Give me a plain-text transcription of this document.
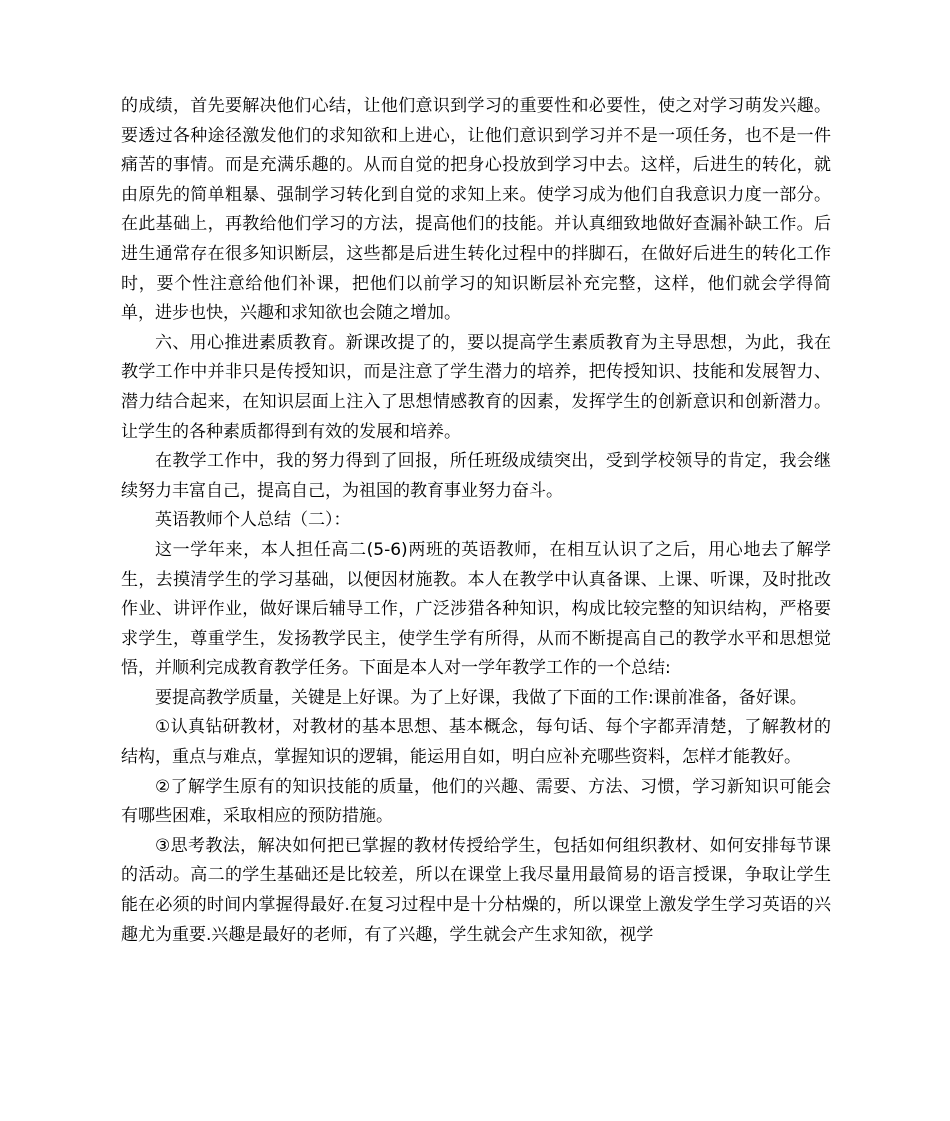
的成绩，首先要解决他们心结，让他们意识到学习的重要性和必要性，使之对学习萌发兴趣。要透过各种途径激发他们的求知欲和上进心，让他们意识到学习并不是一项任务，也不是一件痛苦的事情。而是充满乐趣的。从而自觉的把身心投放到学习中去。这样，后进生的转化，就由原先的简单粗暴、强制学习转化到自觉的求知上来。使学习成为他们自我意识力度一部分。在此基础上，再教给他们学习的方法，提高他们的技能。并认真细致地做好查漏补缺工作。后进生通常存在很多知识断层，这些都是后进生转化过程中的拌脚石，在做好后进生的转化工作时，要个性注意给他们补课，把他们以前学习的知识断层补充完整，这样，他们就会学得简单，进步也快，兴趣和求知欲也会随之增加。

六、用心推进素质教育。新课改提了的，要以提高学生素质教育为主导思想，为此，我在教学工作中并非只是传授知识，而是注意了学生潜力的培养，把传授知识、技能和发展智力、潜力结合起来，在知识层面上注入了思想情感教育的因素，发挥学生的创新意识和创新潜力。让学生的各种素质都得到有效的发展和培养。

在教学工作中，我的努力得到了回报，所任班级成绩突出，受到学校领导的肯定，我会继续努力丰富自己，提高自己，为祖国的教育事业努力奋斗。

英语教师个人总结（二）：

这一学年来，本人担任高二(5-6)两班的英语教师，在相互认识了之后，用心地去了解学生，去摸清学生的学习基础，以便因材施教。本人在教学中认真备课、上课、听课，及时批改作业、讲评作业，做好课后辅导工作，广泛涉猎各种知识，构成比较完整的知识结构，严格要求学生，尊重学生，发扬教学民主，使学生学有所得，从而不断提高自己的教学水平和思想觉悟，并顺利完成教育教学任务。下面是本人对一学年教学工作的一个总结:

要提高教学质量，关键是上好课。为了上好课，我做了下面的工作:课前准备，备好课。

①认真钻研教材，对教材的基本思想、基本概念，每句话、每个字都弄清楚，了解教材的结构，重点与难点，掌握知识的逻辑，能运用自如，明白应补充哪些资料，怎样才能教好。

②了解学生原有的知识技能的质量，他们的兴趣、需要、方法、习惯，学习新知识可能会有哪些困难，采取相应的预防措施。

③思考教法，解决如何把已掌握的教材传授给学生，包括如何组织教材、如何安排每节课的活动。高二的学生基础还是比较差，所以在课堂上我尽量用最简易的语言授课，争取让学生能在必须的时间内掌握得最好.在复习过程中是十分枯燥的，所以课堂上激发学生学习英语的兴趣尤为重要.兴趣是最好的老师，有了兴趣，学生就会产生求知欲，视学
